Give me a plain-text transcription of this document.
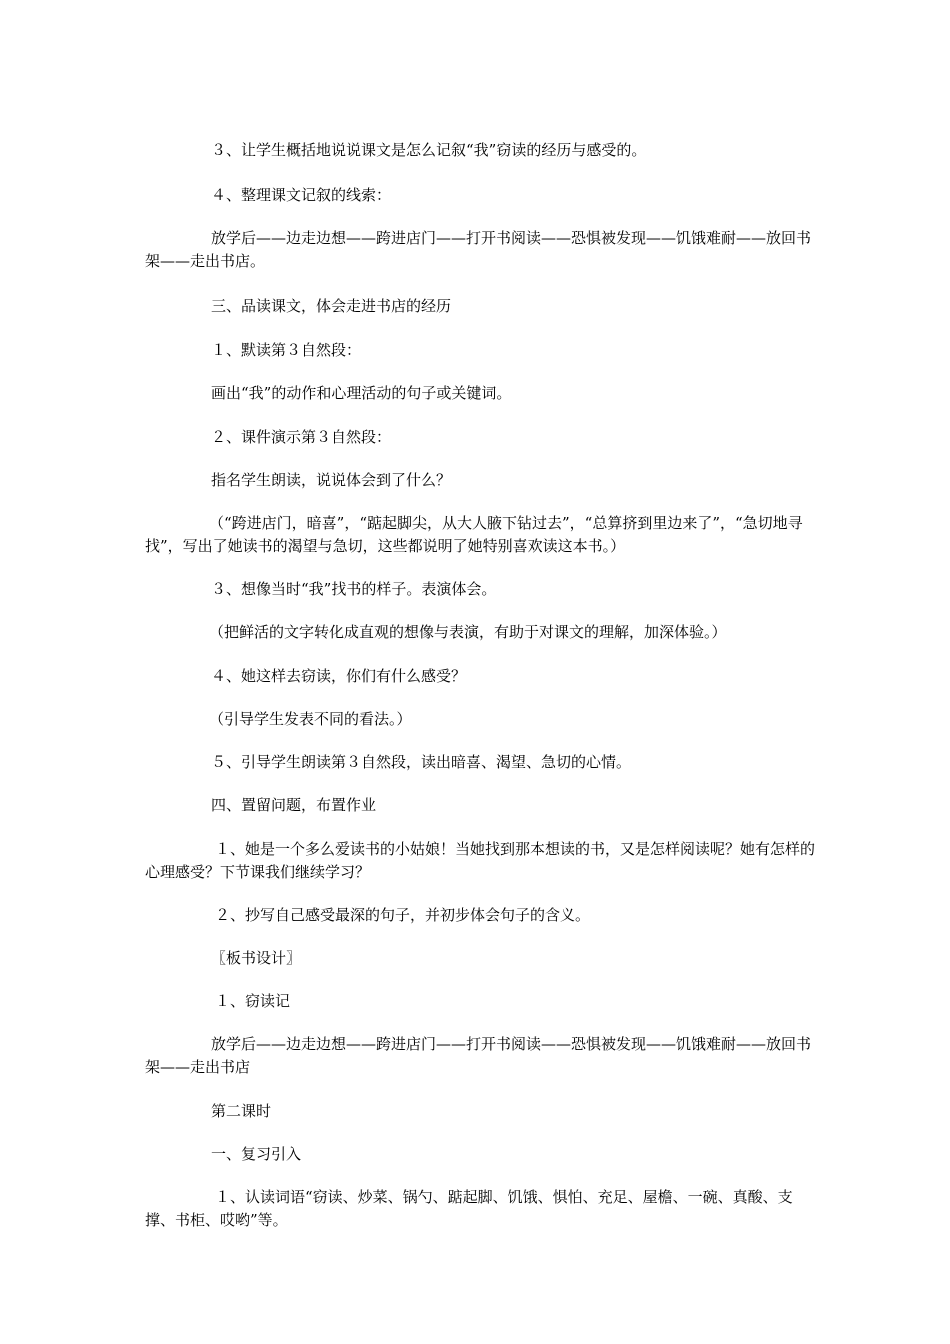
３、让学生概括地说说课文是怎么记叙“我”窃读的经历与感受的。

４、整理课文记叙的线索：

放学后——边走边想——跨进店门——打开书阅读——恐惧被发现——饥饿难耐——放回书架——走出书店。

三、品读课文，体会走进书店的经历

１、默读第３自然段：

画出“我”的动作和心理活动的句子或关键词。

２、课件演示第３自然段：

指名学生朗读，说说体会到了什么？

（“跨进店门，暗喜”，“踮起脚尖，从大人腋下钻过去”，“总算挤到里边来了”，“急切地寻找”，写出了她读书的渴望与急切，这些都说明了她特别喜欢读这本书。）

３、想像当时“我”找书的样子。表演体会。

（把鲜活的文字转化成直观的想像与表演，有助于对课文的理解，加深体验。）

４、她这样去窃读，你们有什么感受？

（引导学生发表不同的看法。）

５、引导学生朗读第３自然段，读出暗喜、渴望、急切的心情。

四、置留问题，布置作业

１、她是一个多么爱读书的小姑娘！当她找到那本想读的书，又是怎样阅读呢？她有怎样的心理感受？下节课我们继续学习？

２、抄写自己感受最深的句子，并初步体会句子的含义。

〖板书设计〗

１、窃读记

放学后——边走边想——跨进店门——打开书阅读——恐惧被发现——饥饿难耐——放回书架——走出书店

第二课时

一、复习引入

１、认读词语“窃读、炒菜、锅勺、踮起脚、饥饿、惧怕、充足、屋檐、一碗、真酸、支撑、书柜、哎哟”等。
